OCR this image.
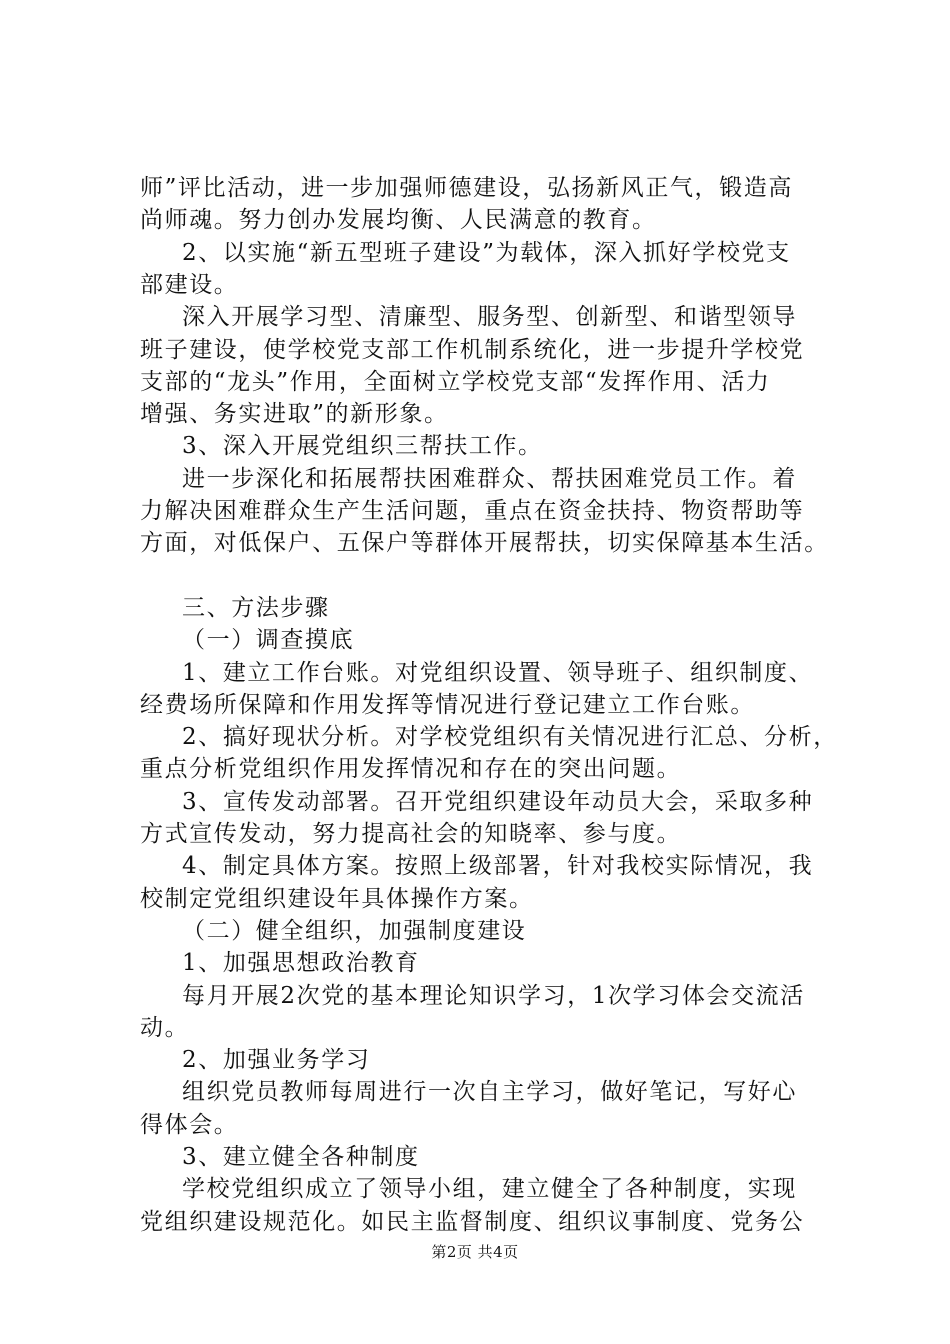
师”评比活动，进一步加强师德建设，弘扬新风正气，锻造高
尚师魂。努力创办发展均衡、人民满意的教育。
2、以实施“新五型班子建设”为载体，深入抓好学校党支
部建设。
深入开展学习型、清廉型、服务型、创新型、和谐型领导
班子建设，使学校党支部工作机制系统化，进一步提升学校党
支部的“龙头”作用，全面树立学校党支部“发挥作用、活力
增强、务实进取”的新形象。
3、深入开展党组织三帮扶工作。
进一步深化和拓展帮扶困难群众、帮扶困难党员工作。着
力解决困难群众生产生活问题，重点在资金扶持、物资帮助等
方面，对低保户、五保户等群体开展帮扶，切实保障基本生活。
三、方法步骤
（一）调查摸底
1、建立工作台账。对党组织设置、领导班子、组织制度、
经费场所保障和作用发挥等情况进行登记建立工作台账。
2、搞好现状分析。对学校党组织有关情况进行汇总、分析，
重点分析党组织作用发挥情况和存在的突出问题。
3、宣传发动部署。召开党组织建设年动员大会，采取多种
方式宣传发动，努力提高社会的知晓率、参与度。
4、制定具体方案。按照上级部署，针对我校实际情况，我
校制定党组织建设年具体操作方案。
（二）健全组织，加强制度建设
1、加强思想政治教育
每月开展2次党的基本理论知识学习，1次学习体会交流活
动。
2、加强业务学习
组织党员教师每周进行一次自主学习，做好笔记，写好心
得体会。
3、建立健全各种制度
学校党组织成立了领导小组，建立健全了各种制度，实现
党组织建设规范化。如民主监督制度、组织议事制度、党务公
第2页 共4页
